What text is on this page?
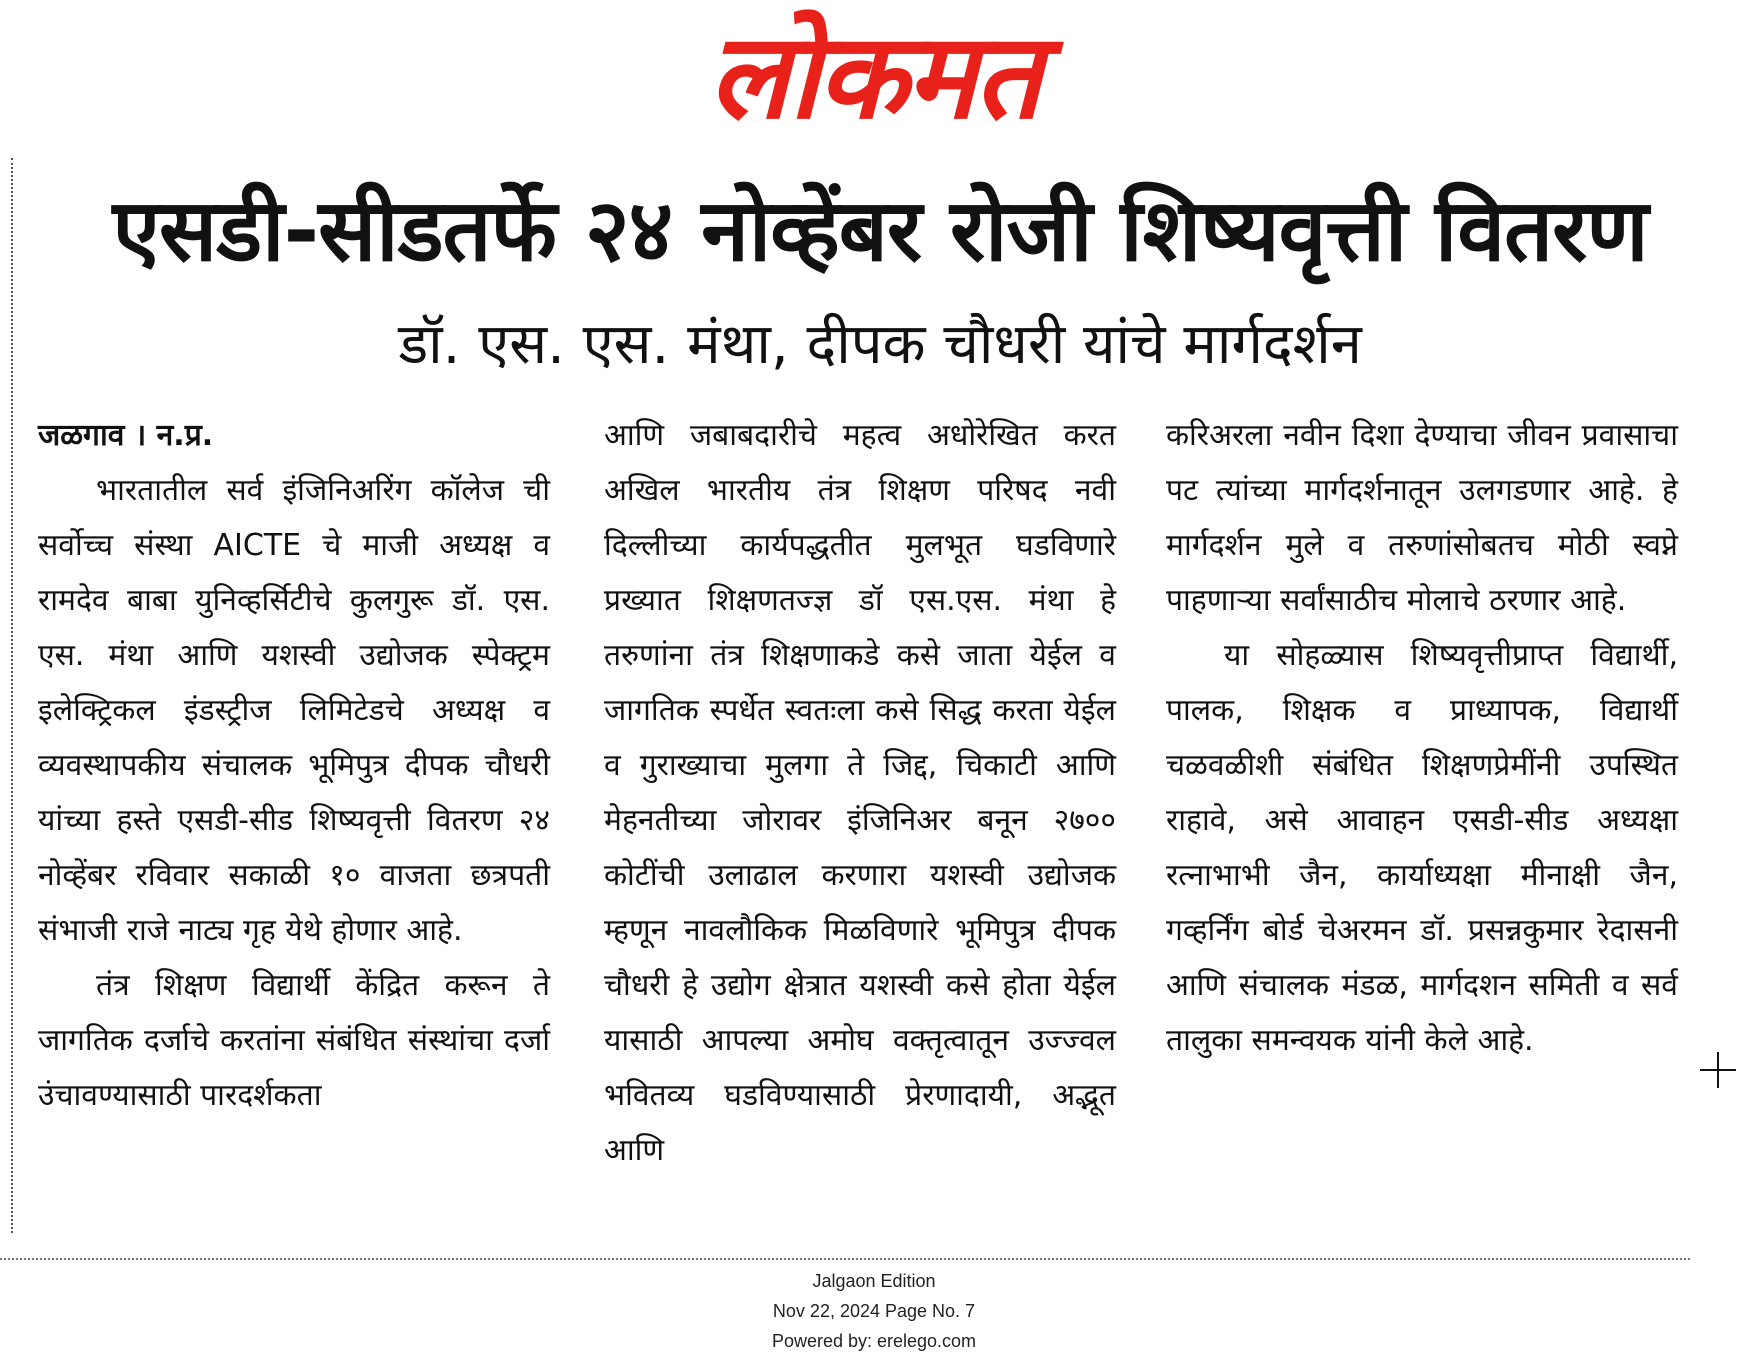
लोकमत
एसडी-सीडतर्फे २४ नोव्हेंबर रोजी शिष्यवृत्ती वितरण
डॉ. एस. एस. मंथा, दीपक चौधरी यांचे मार्गदर्शन

जळगाव । न.प्र.

भारतातील सर्व इंजिनिअरिंग कॉलेज ची सर्वोच्च संस्था AICTE चे माजी अध्यक्ष व रामदेव बाबा युनिव्हर्सिटीचे कुलगुरू डॉ. एस. एस. मंथा आणि यशस्वी उद्योजक स्पेक्ट्रम इलेक्ट्रिकल इंडस्ट्रीज लिमिटेडचे अध्यक्ष व व्यवस्थापकीय संचालक भूमिपुत्र दीपक चौधरी यांच्या हस्ते एसडी-सीड शिष्यवृत्ती वितरण २४ नोव्हेंबर रविवार सकाळी १० वाजता छत्रपती संभाजी राजे नाट्य गृह येथे होणार आहे.

तंत्र शिक्षण विद्यार्थी केंद्रित करून ते जागतिक दर्जाचे करतांना संबंधित संस्थांचा दर्जा उंचावण्यासाठी पारदर्शकता

आणि जबाबदारीचे महत्व अधोरेखित करत अखिल भारतीय तंत्र शिक्षण परिषद नवी दिल्लीच्या कार्यपद्धतीत मुलभूत घडविणारे प्रख्यात शिक्षणतज्ज्ञ डॉ एस.एस. मंथा हे तरुणांना तंत्र शिक्षणाकडे कसे जाता येईल व जागतिक स्पर्धेत स्वतःला कसे सिद्ध करता येईल व गुराख्याचा मुलगा ते जिद्द, चिकाटी आणि मेहनतीच्या जोरावर इंजिनिअर बनून २७०० कोटींची उलाढाल करणारा यशस्वी उद्योजक म्हणून नावलौकिक मिळविणारे भूमिपुत्र दीपक चौधरी हे उद्योग क्षेत्रात यशस्वी कसे होता येईल यासाठी आपल्या अमोघ वक्तृत्वातून उज्ज्वल भवितव्य घडविण्यासाठी प्रेरणादायी, अद्भूत आणि

करिअरला नवीन दिशा देण्याचा जीवन प्रवासाचा पट त्यांच्या मार्गदर्शनातून उलगडणार आहे. हे मार्गदर्शन मुले व तरुणांसोबतच मोठी स्वप्ने पाहणाऱ्या सर्वांसाठीच मोलाचे ठरणार आहे.

या सोहळ्यास शिष्यवृत्तीप्राप्त विद्यार्थी, पालक, शिक्षक व प्राध्यापक, विद्यार्थी चळवळीशी संबंधित शिक्षणप्रेमींनी उपस्थित राहावे, असे आवाहन एसडी-सीड अध्यक्षा रत्नाभाभी जैन, कार्याध्यक्षा मीनाक्षी जैन, गव्हर्निंग बोर्ड चेअरमन डॉ. प्रसन्नकुमार रेदासनी आणि संचालक मंडळ, मार्गदशन समिती व सर्व तालुका समन्वयक यांनी केले आहे.

Jalgaon Edition
Nov 22, 2024 Page No. 7
Powered by: erelego.com
